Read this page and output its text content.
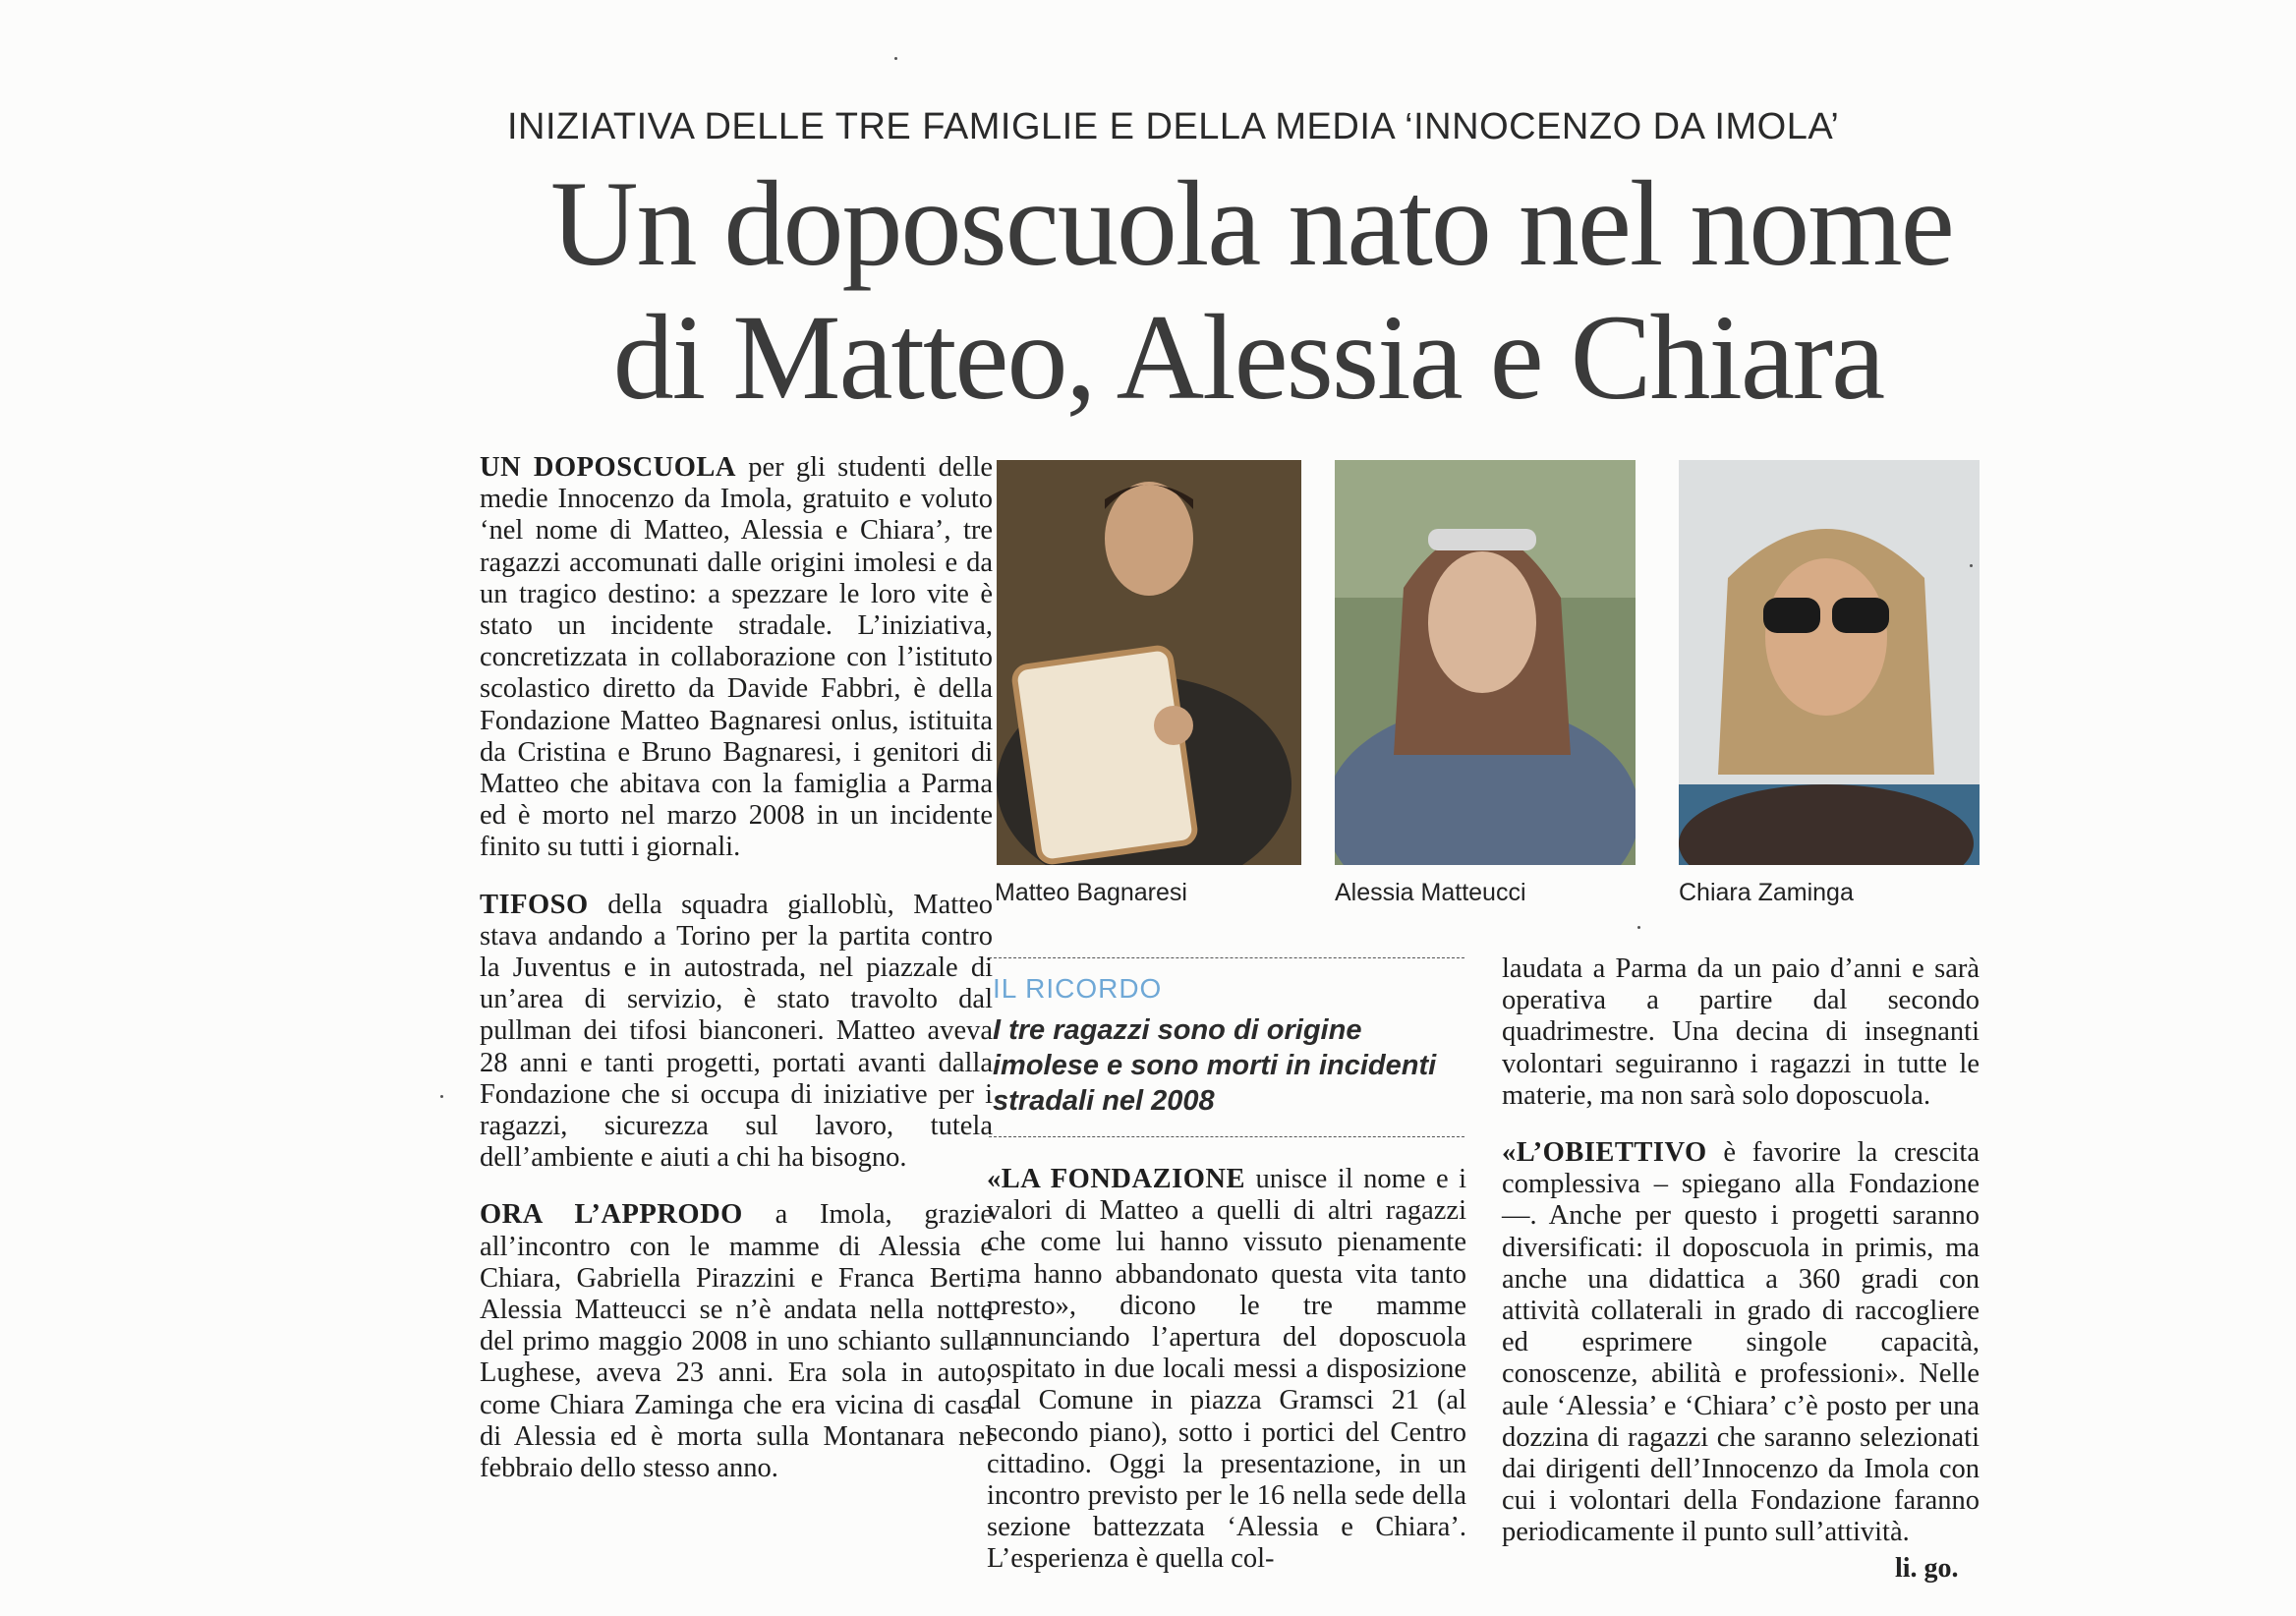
INIZIATIVA DELLE TRE FAMIGLIE E DELLA MEDIA ‘INNOCENZO DA IMOLA’
Un doposcuola nato nel nome
di Matteo, Alessia e Chiara

UN DOPOSCUOLA per gli studenti delle medie Innocenzo da Imola, gratuito e voluto ‘nel nome di Matteo, Alessia e Chiara’, tre ragazzi accomunati dalle origini imolesi e da un tragico destino: a spezzare le loro vite è stato un incidente stradale. L’iniziativa, concretizzata in collaborazione con l’istituto scolastico diretto da Davide Fabbri, è della Fondazione Matteo Bagnaresi onlus, istituita da Cristina e Bruno Bagnaresi, i genitori di Matteo che abitava con la famiglia a Parma ed è morto nel marzo 2008 in un incidente finito su tutti i giornali.

TIFOSO della squadra gialloblù, Matteo stava andando a Torino per la partita contro la Juventus e in autostrada, nel piazzale di un’area di servizio, è stato travolto dal pullman dei tifosi bianconeri. Matteo aveva 28 anni e tanti progetti, portati avanti dalla Fondazione che si occupa di iniziative per i ragazzi, sicurezza sul lavoro, tutela dell’ambiente e aiuti a chi ha bisogno.

ORA L’APPRODO a Imola, grazie all’incontro con le mamme di Alessia e Chiara, Gabriella Pirazzini e Franca Berti. Alessia Matteucci se n’è andata nella notte del primo maggio 2008 in uno schianto sulla Lughese, aveva 23 anni. Era sola in auto, come Chiara Zaminga che era vicina di casa di Alessia ed è morta sulla Montanara nel febbraio dello stesso anno.

Matteo Bagnaresi	Alessia Matteucci	Chiara Zaminga
IL RICORDO
I tre ragazzi sono di origine imolese e sono morti in incidenti stradali nel 2008

«LA FONDAZIONE unisce il nome e i valori di Matteo a quelli di altri ragazzi che come lui hanno vissuto pienamente ma hanno abbandonato questa vita tanto presto», dicono le tre mamme annunciando l’apertura del doposcuola ospitato in due locali messi a disposizione dal Comune in piazza Gramsci 21 (al secondo piano), sotto i portici del Centro cittadino. Oggi la presentazione, in un incontro previsto per le 16 nella sede della sezione battezzata ‘Alessia e Chiara’. L’esperienza è quella col-

laudata a Parma da un paio d’anni e sarà operativa a partire dal secondo quadrimestre. Una decina di insegnanti volontari seguiranno i ragazzi in tutte le materie, ma non sarà solo doposcuola.

«L’OBIETTIVO è favorire la crescita complessiva – spiegano alla Fondazione —. Anche per questo i progetti saranno diversificati: il doposcuola in primis, ma anche una didattica a 360 gradi con attività collaterali in grado di raccogliere ed esprimere singole capacità, conoscenze, abilità e professioni». Nelle aule ‘Alessia’ e ‘Chiara’ c’è posto per una dozzina di ragazzi che saranno selezionati dai dirigenti dell’Innocenzo da Imola con cui i volontari della Fondazione faranno periodicamente il punto sull’attività.

li. go.
